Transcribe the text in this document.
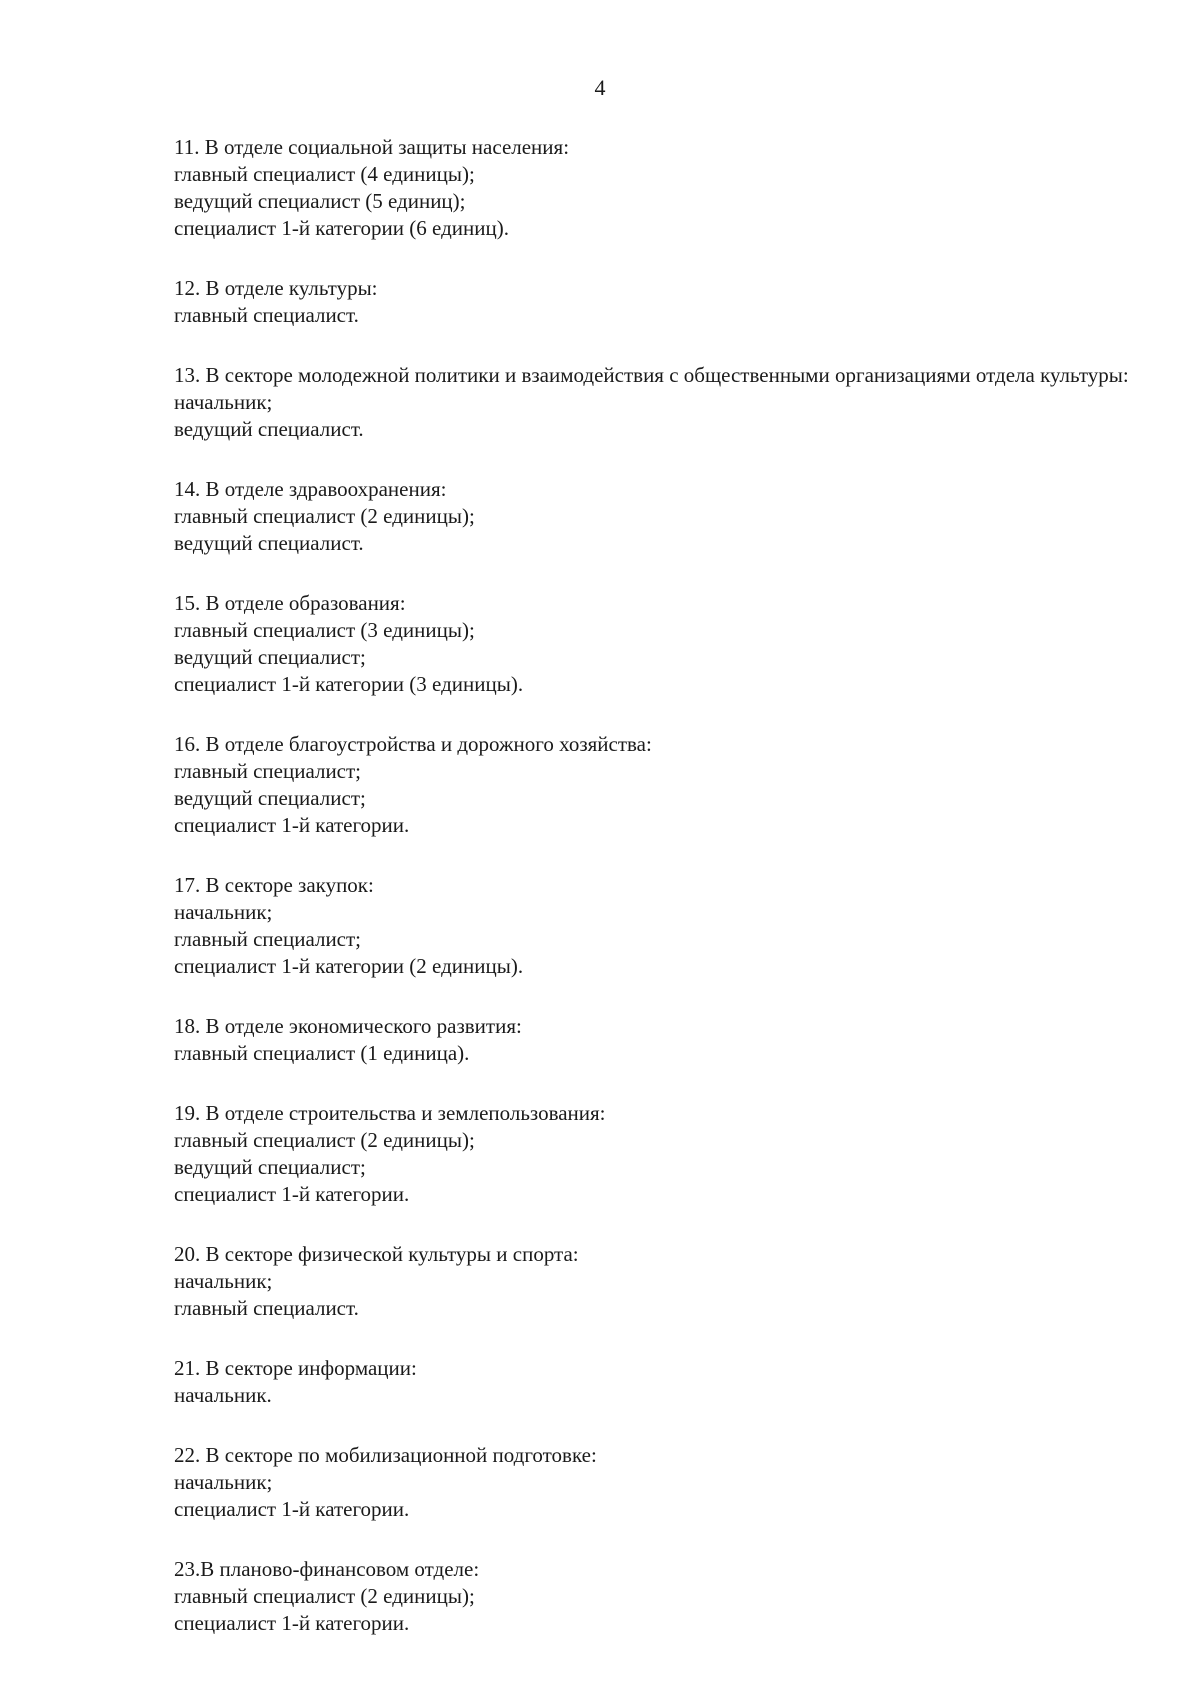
4
11. В отделе социальной защиты населения:
главный специалист (4 единицы);
ведущий специалист (5 единиц);
специалист 1-й категории (6 единиц).
12. В отделе культуры:
главный специалист.
13. В секторе молодежной политики и взаимодействия с общественными организациями отдела культуры:
начальник;
ведущий специалист.
14. В отделе здравоохранения:
главный специалист (2 единицы);
ведущий специалист.
15. В отделе образования:
главный специалист (3 единицы);
ведущий специалист;
специалист 1-й категории (3 единицы).
16. В отделе благоустройства и дорожного хозяйства:
главный специалист;
ведущий специалист;
специалист 1-й категории.
17. В секторе закупок:
начальник;
главный специалист;
специалист 1-й категории (2 единицы).
18. В отделе экономического развития:
главный специалист (1 единица).
19. В отделе строительства и землепользования:
главный специалист (2 единицы);
ведущий специалист;
специалист 1-й категории.
20. В секторе физической культуры и спорта:
начальник;
главный специалист.
21. В секторе информации:
начальник.
22. В секторе по мобилизационной подготовке:
начальник;
специалист 1-й категории.
23.В планово-финансовом отделе:
главный специалист (2 единицы);
специалист 1-й категории.
